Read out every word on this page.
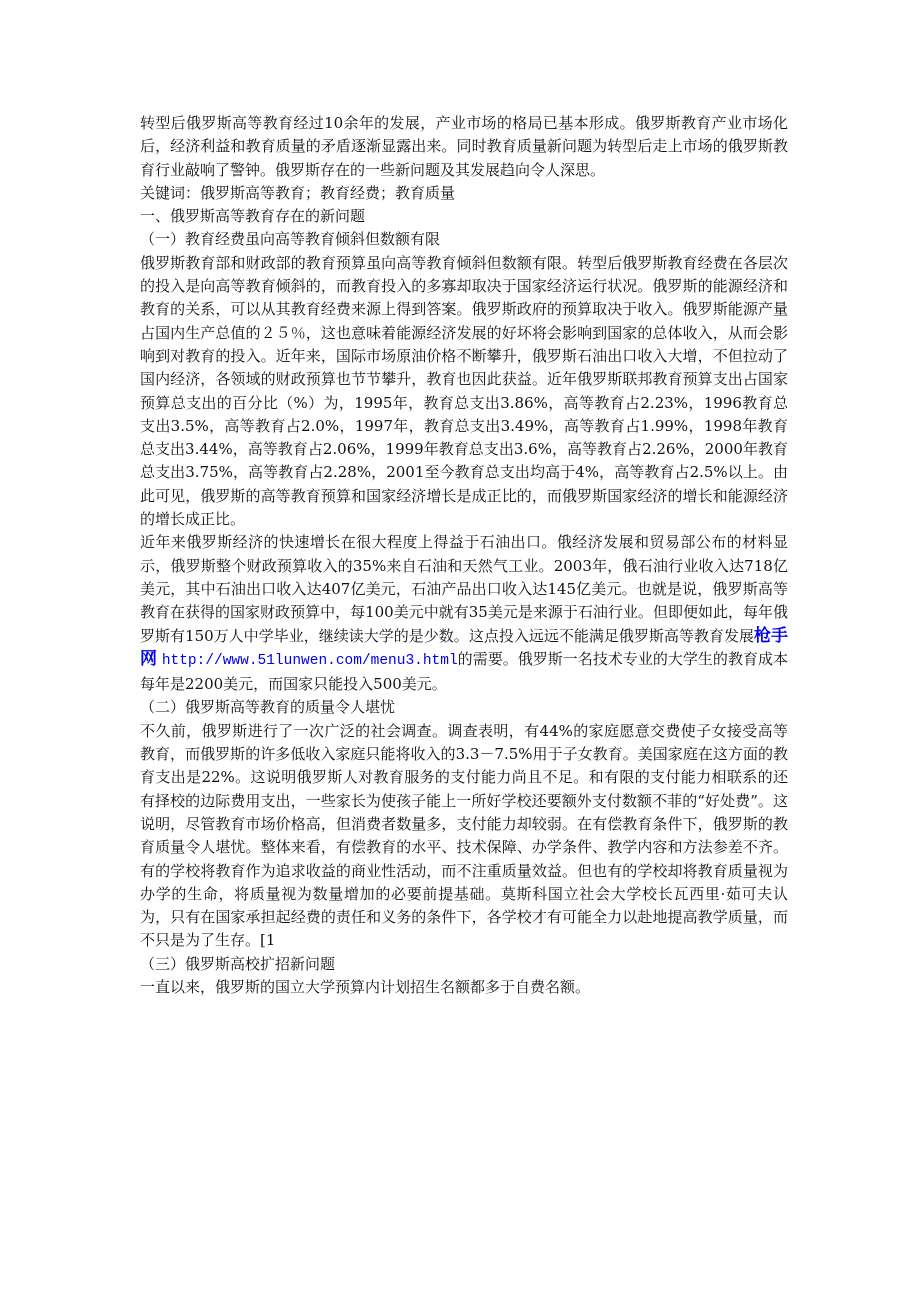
转型后俄罗斯高等教育经过10余年的发展，产业市场的格局已基本形成。俄罗斯教育产业市场化后，经济利益和教育质量的矛盾逐渐显露出来。同时教育质量新问题为转型后走上市场的俄罗斯教育行业敲响了警钟。俄罗斯存在的一些新问题及其发展趋向令人深思。

关键词：俄罗斯高等教育；教育经费；教育质量

一、俄罗斯高等教育存在的新问题

（一）教育经费虽向高等教育倾斜但数额有限

俄罗斯教育部和财政部的教育预算虽向高等教育倾斜但数额有限。转型后俄罗斯教育经费在各层次的投入是向高等教育倾斜的，而教育投入的多寡却取决于国家经济运行状况。俄罗斯的能源经济和教育的关系，可以从其教育经费来源上得到答案。俄罗斯政府的预算取决于收入。俄罗斯能源产量占国内生产总值的２５％，这也意味着能源经济发展的好坏将会影响到国家的总体收入，从而会影响到对教育的投入。近年来，国际市场原油价格不断攀升，俄罗斯石油出口收入大增，不但拉动了国内经济，各领域的财政预算也节节攀升，教育也因此获益。近年俄罗斯联邦教育预算支出占国家预算总支出的百分比（%）为，1995年，教育总支出3.86%，高等教育占2.23%，1996教育总支出3.5%，高等教育占2.0%，1997年，教育总支出3.49%，高等教育占1.99%，1998年教育总支出3.44%，高等教育占2.06%，1999年教育总支出3.6%，高等教育占2.26%，2000年教育总支出3.75%，高等教育占2.28%，2001至今教育总支出均高于4%，高等教育占2.5%以上。由此可见，俄罗斯的高等教育预算和国家经济增长是成正比的，而俄罗斯国家经济的增长和能源经济的增长成正比。

近年来俄罗斯经济的快速增长在很大程度上得益于石油出口。俄经济发展和贸易部公布的材料显示，俄罗斯整个财政预算收入的35%来自石油和天然气工业。2003年，俄石油行业收入达718亿美元，其中石油出口收入达407亿美元，石油产品出口收入达145亿美元。也就是说，俄罗斯高等教育在获得的国家财政预算中，每100美元中就有35美元是来源于石油行业。但即便如此，每年俄罗斯有150万人中学毕业，继续读大学的是少数。这点投入远远不能满足俄罗斯高等教育发展枪手网 http://www.51lunwen.com/menu3.html的需要。俄罗斯一名技术专业的大学生的教育成本每年是2200美元，而国家只能投入500美元。

（二）俄罗斯高等教育的质量令人堪忧

不久前，俄罗斯进行了一次广泛的社会调查。调查表明，有44%的家庭愿意交费使子女接受高等教育，而俄罗斯的许多低收入家庭只能将收入的3.3－7.5%用于子女教育。美国家庭在这方面的教育支出是22%。这说明俄罗斯人对教育服务的支付能力尚且不足。和有限的支付能力相联系的还有择校的边际费用支出，一些家长为使孩子能上一所好学校还要额外支付数额不菲的“好处费”。这说明，尽管教育市场价格高，但消费者数量多，支付能力却较弱。在有偿教育条件下，俄罗斯的教育质量令人堪忧。整体来看，有偿教育的水平、技术保障、办学条件、教学内容和方法参差不齐。有的学校将教育作为追求收益的商业性活动，而不注重质量效益。但也有的学校却将教育质量视为办学的生命，将质量视为数量增加的必要前提基础。莫斯科国立社会大学校长瓦西里·茹可夫认为，只有在国家承担起经费的责任和义务的条件下，各学校才有可能全力以赴地提高教学质量，而不只是为了生存。[1

（三）俄罗斯高校扩招新问题

一直以来，俄罗斯的国立大学预算内计划招生名额都多于自费名额。
